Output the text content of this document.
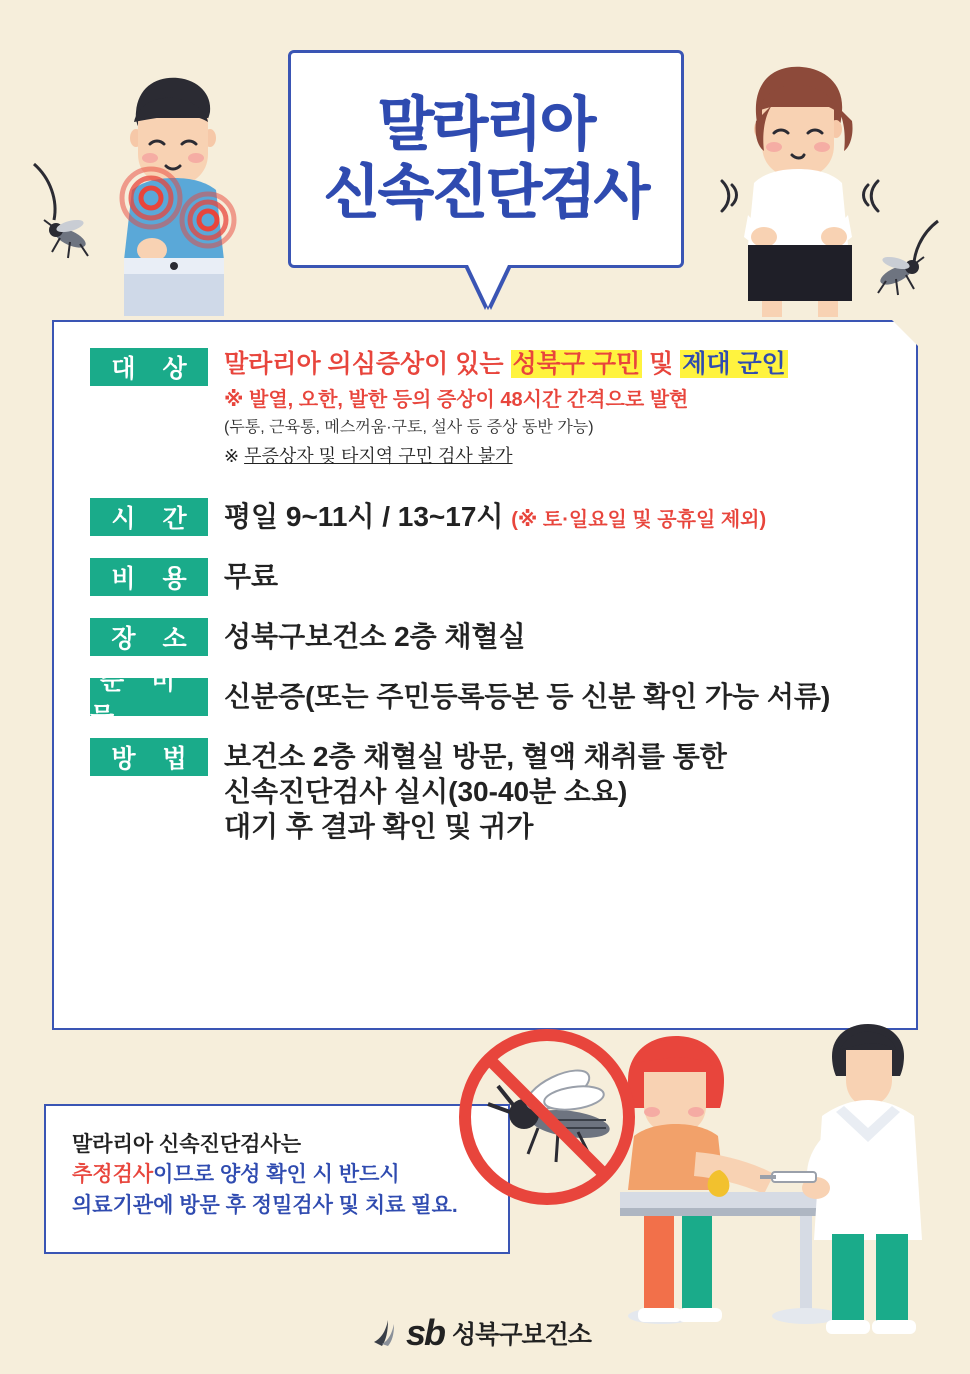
말라리아
신속진단검사
대 상	말라리아 의심증상이 있는 성북구 구민 및 제대 군인
※ 발열, 오한, 발한 등의 증상이 48시간 간격으로 발현
(두통, 근육통, 메스꺼움·구토, 설사 등 증상 동반 가능)
※ 무증상자 및 타지역 구민 검사 불가
시 간 평일 9~11시 / 13~17시 (※ 토·일요일 및 공휴일 제외)
비 용 무료
장 소 성북구보건소 2층 채혈실
준 비 물
신분증(또는 주민등록등본 등 신분 확인 가능 서류)
방 법 보건소 2층 채혈실 방문, 혈액 채취를 통한
신속진단검사 실시(30-40분 소요)
대기 후 결과 확인 및 귀가
말라리아 신속진단검사는
추정검사이므로 양성 확인 시 반드시
의료기관에 방문 후 정밀검사 및 치료 필요.
sb 성북구보건소
